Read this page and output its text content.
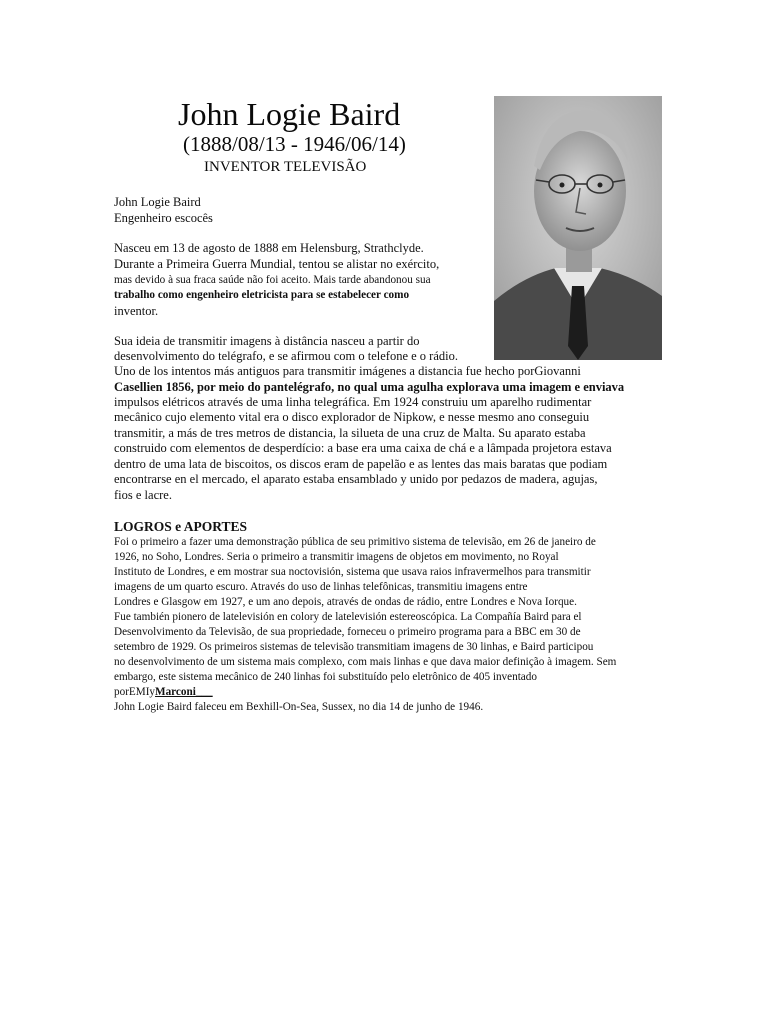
John Logie Baird
(1888/08/13 - 1946/06/14)
INVENTOR TELEVISÃO
John Logie Baird
Engenheiro escocês
Nasceu em 13 de agosto de 1888 em Helensburg, Strathclyde.
Durante a Primeira Guerra Mundial, tentou se alistar no exército,
mas devido à sua fraca saúde não foi aceito. Mais tarde abandonou sua
trabalho como engenheiro eletricista para se estabelecer como
inventor.
Sua ideia de transmitir imagens à distância nasceu a partir do
desenvolvimento do telégrafo, e se afirmou com o telefone e o rádio.
Uno de los intentos más antiguos para transmitir imágenes a distancia fue hecho porGiovanni
Casellien 1856, por meio do pantelégrafo, no qual uma agulha explorava uma imagem e enviava
impulsos elétricos através de uma linha telegráfica. Em 1924 construiu um aparelho rudimentar
mecânico cujo elemento vital era o disco explorador de Nipkow, e nesse mesmo ano conseguiu
transmitir, a más de tres metros de distancia, la silueta de una cruz de Malta. Su aparato estaba
construido com elementos de desperdício: a base era uma caixa de chá e a lâmpada projetora estava
dentro de uma lata de biscoitos, os discos eram de papelão e as lentes das mais baratas que podiam
encontrarse en el mercado, el aparato estaba ensamblado y unido por pedazos de madera, agujas,
fios e lacre.
LOGROS e APORTES
Foi o primeiro a fazer uma demonstração pública de seu primitivo sistema de televisão, em 26 de janeiro de
1926, no Soho, Londres. Seria o primeiro a transmitir imagens de objetos em movimento, no Royal
Instituto de Londres, e em mostrar sua noctovisión, sistema que usava raios infravermelhos para transmitir
imagens de um quarto escuro. Através do uso de linhas telefônicas, transmitiu imagens entre
Londres e Glasgow em 1927, e um ano depois, através de ondas de rádio, entre Londres e Nova Iorque.
Fue también pionero de latelevisión en colory de latelevisión estereoscópica. La Compañía Baird para el
Desenvolvimento da Televisão, de sua propriedade, forneceu o primeiro programa para a BBC em 30 de
setembro de 1929. Os primeiros sistemas de televisão transmitiam imagens de 30 linhas, e Baird participou
no desenvolvimento de um sistema mais complexo, com mais linhas e que dava maior definição à imagem. Sem
embargo, este sistema mecânico de 240 linhas foi substituído pelo eletrônico de 405 inventado
porEMIyMarconi___
John Logie Baird faleceu em Bexhill-On-Sea, Sussex, no dia 14 de junho de 1946.
